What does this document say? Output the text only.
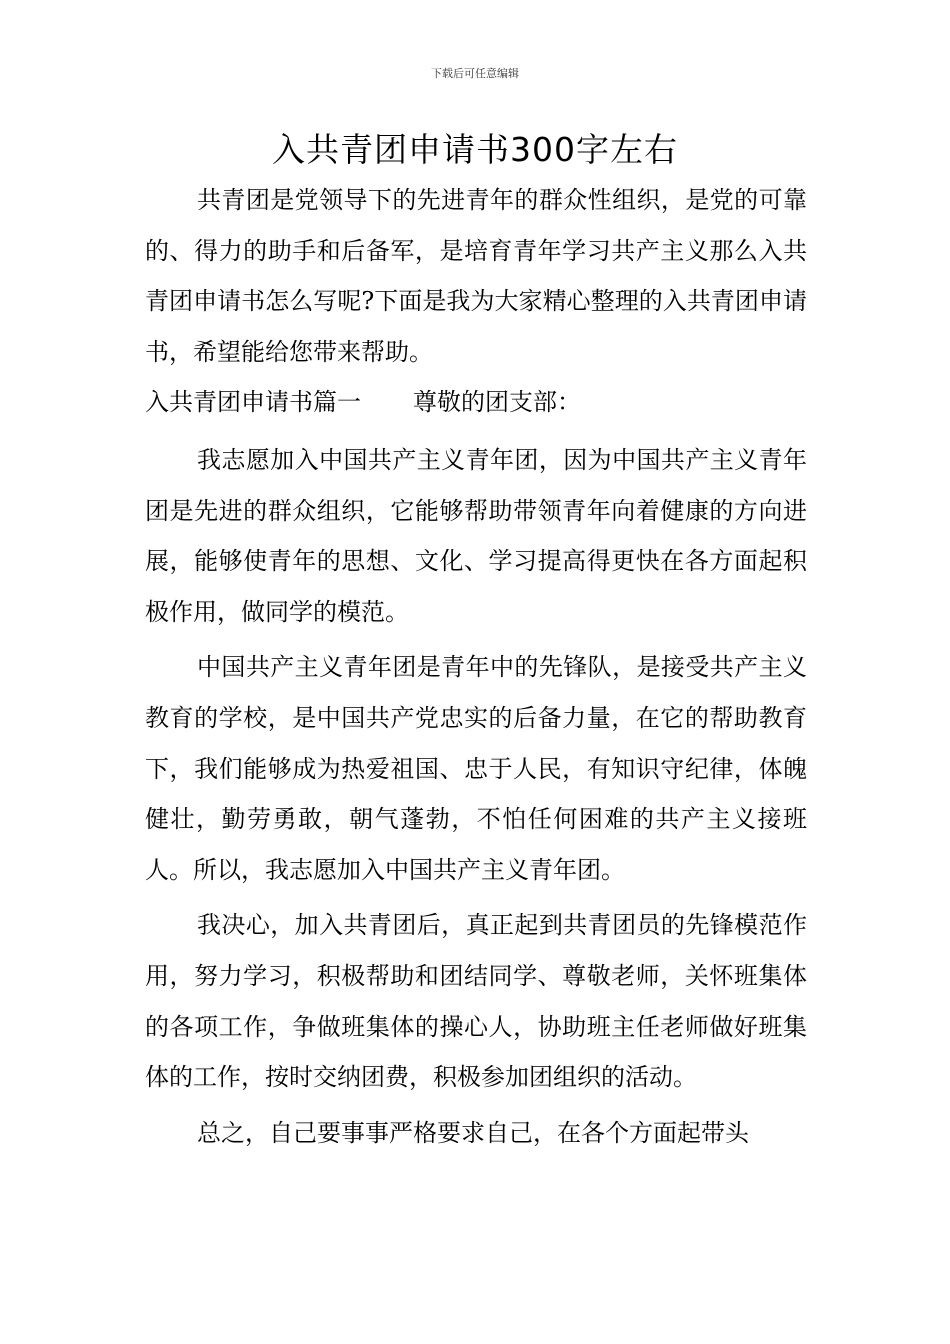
下载后可任意编辑
入共青团申请书300字左右

共青团是党领导下的先进青年的群众性组织，是党的可靠的、得力的助手和后备军，是培育青年学习共产主义那么入共青团申请书怎么写呢?下面是我为大家精心整理的入共青团申请书，希望能给您带来帮助。

入共青团申请书篇一 尊敬的团支部：

我志愿加入中国共产主义青年团，因为中国共产主义青年团是先进的群众组织，它能够帮助带领青年向着健康的方向进展，能够使青年的思想、文化、学习提高得更快在各方面起积极作用，做同学的模范。

中国共产主义青年团是青年中的先锋队，是接受共产主义教育的学校，是中国共产党忠实的后备力量，在它的帮助教育下，我们能够成为热爱祖国、忠于人民，有知识守纪律，体魄健壮，勤劳勇敢，朝气蓬勃，不怕任何困难的共产主义接班人。所以，我志愿加入中国共产主义青年团。

我决心，加入共青团后，真正起到共青团员的先锋模范作用，努力学习，积极帮助和团结同学、尊敬老师，关怀班集体的各项工作，争做班集体的操心人，协助班主任老师做好班集体的工作，按时交纳团费，积极参加团组织的活动。

总之，自己要事事严格要求自己，在各个方面起带头
